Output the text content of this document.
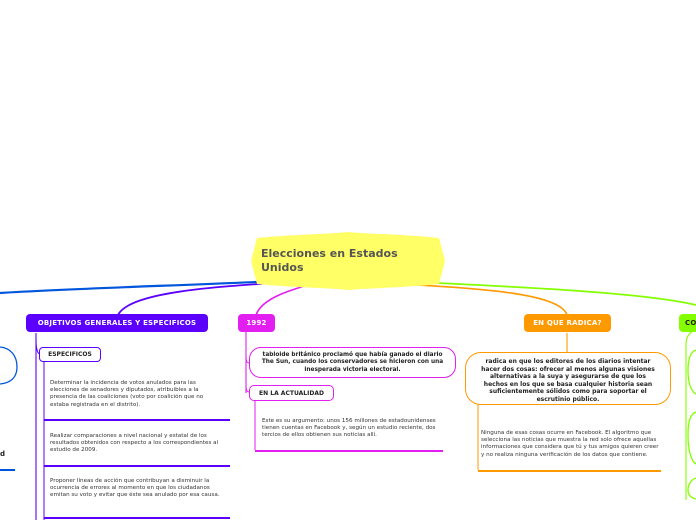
Elecciones en Estados Unidos
OBJETIVOS GENERALES Y ESPECIFICOS
ESPECIFICOS
Determinar la incidencia de votos anulados para las elecciones de senadores y diputados, atribuibles a la presencia de las coaliciones (voto por coalición que no estaba registrada en el distrito).
Realizar comparaciones a nivel nacional y estatal de los resultados obtenidos con respecto a los correspondientes al estudio de 2009.
Proponer líneas de acción que contribuyan a disminuir la ocurrencia de errores al momento en que los ciudadanos emitan su voto y evitar que éste sea anulado por esa causa.
1992
tabloide británico proclamó que había ganado el diario The Sun, cuando los conservadores se hicieron con una inesperada victoria electoral.
EN LA ACTUALIDAD
Este es su argumento: unos 156 millones de estadounidenses tienen cuentas en Facebook y, según un estudio reciente, dos tercios de ellos obtienen sus noticias allí.
EN QUE RADICA?
radica en que los editores de los diarios intentar hacer dos cosas: ofrecer al menos algunas visiones alternativas a la suya y asegurarse de que los hechos en los que se basa cualquier historia sean suficientemente sólidos como para soportar el escrutinio público.
Ninguna de esas cosas ocurre en Facebook. El algoritmo que selecciona las noticias que muestra la red solo ofrece aquellas informaciones que considera que tú y tus amigos quieren creer y no realiza ninguna verificación de los datos que contiene.
CO
d
